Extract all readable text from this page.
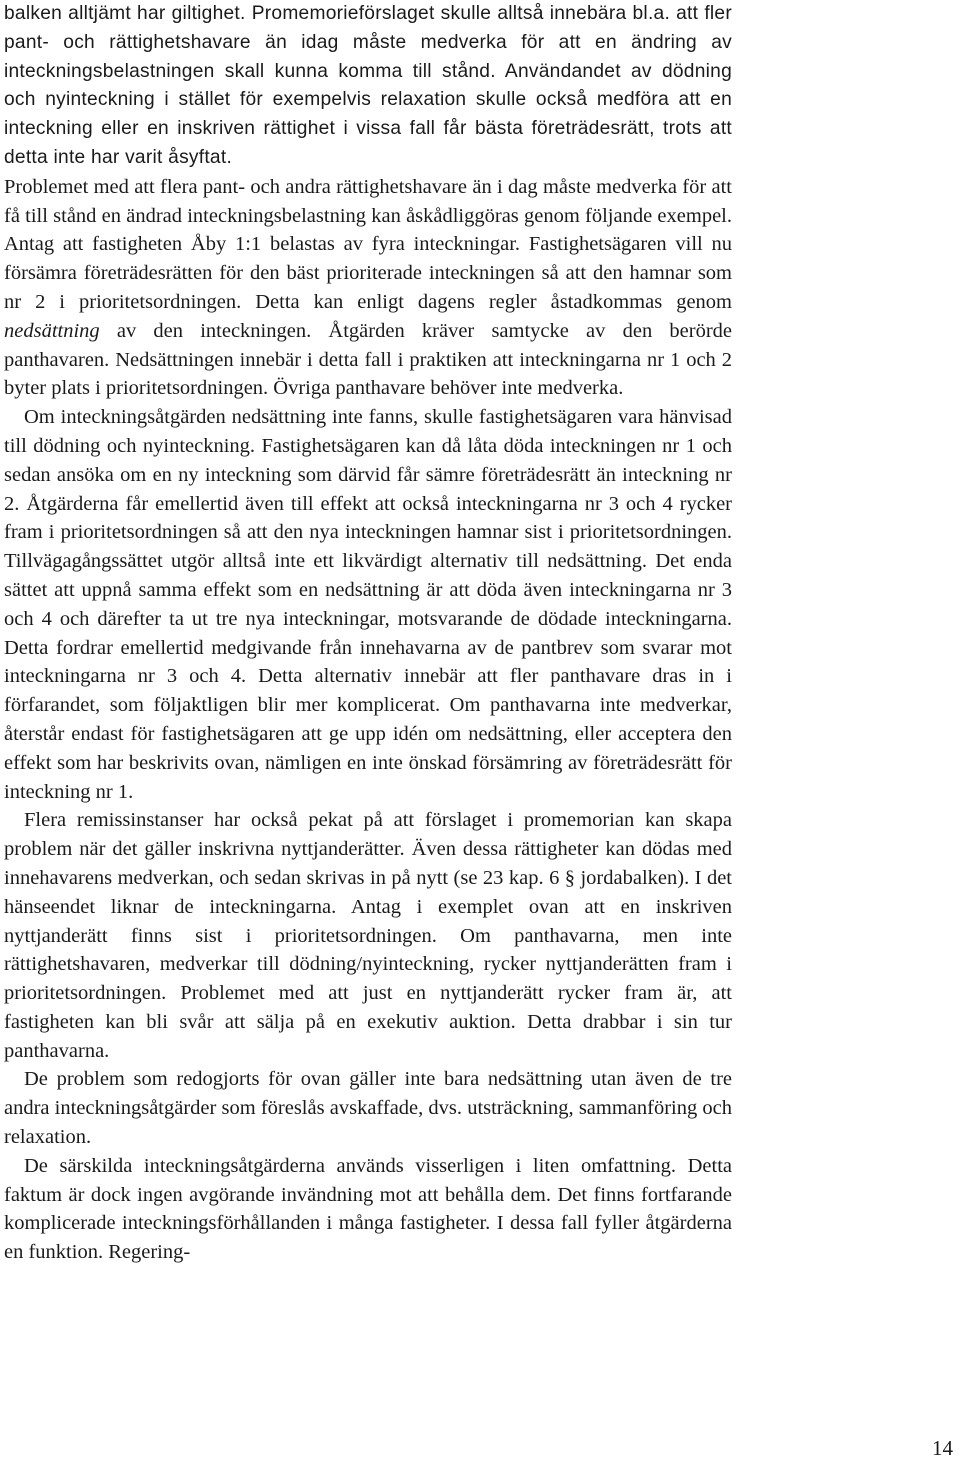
balken alltjämt har giltighet. Promemorieförslaget skulle alltså innebära bl.a. att fler pant- och rättighetshavare än idag måste medverka för att en ändring av inteckningsbelastningen skall kunna komma till stånd. Användandet av dödning och nyinteckning i stället för exempelvis relaxation skulle också medföra att en inteckning eller en inskriven rättighet i vissa fall får bästa företrädesrätt, trots att detta inte har varit åsyftat.

Problemet med att flera pant- och andra rättighetshavare än i dag måste medverka för att få till stånd en ändrad inteckningsbelastning kan åskådliggöras genom följande exempel. Antag att fastigheten Åby 1:1 belastas av fyra inteckningar. Fastighetsägaren vill nu försämra företrädesrätten för den bäst prioriterade inteckningen så att den hamnar som nr 2 i prioritetsordningen. Detta kan enligt dagens regler åstadkommas genom nedsättning av den inteckningen. Åtgärden kräver samtycke av den berörde panthavaren. Nedsättningen innebär i detta fall i praktiken att inteckningarna nr 1 och 2 byter plats i prioritetsordningen. Övriga panthavare behöver inte medverka.

Om inteckningsåtgärden nedsättning inte fanns, skulle fastighetsägaren vara hänvisad till dödning och nyinteckning. Fastighetsägaren kan då låta döda inteckningen nr 1 och sedan ansöka om en ny inteckning som därvid får sämre företrädesrätt än inteckning nr 2. Åtgärderna får emellertid även till effekt att också inteckningarna nr 3 och 4 rycker fram i prioritetsordningen så att den nya inteckningen hamnar sist i prioritetsordningen. Tillvägagångssättet utgör alltså inte ett likvärdigt alternativ till nedsättning. Det enda sättet att uppnå samma effekt som en nedsättning är att döda även inteckningarna nr 3 och 4 och därefter ta ut tre nya inteckningar, motsvarande de dödade inteckningarna. Detta fordrar emellertid medgivande från innehavarna av de pantbrev som svarar mot inteckningarna nr 3 och 4. Detta alternativ innebär att fler panthavare dras in i förfarandet, som följaktligen blir mer komplicerat. Om panthavarna inte medverkar, återstår endast för fastighetsägaren att ge upp idén om nedsättning, eller acceptera den effekt som har beskrivits ovan, nämligen en inte önskad försämring av företrädesrätt för inteckning nr 1.

Flera remissinstanser har också pekat på att förslaget i promemorian kan skapa problem när det gäller inskrivna nyttjanderätter. Även dessa rättigheter kan dödas med innehavarens medverkan, och sedan skrivas in på nytt (se 23 kap. 6 § jordabalken). I det hänseendet liknar de inteckningarna. Antag i exemplet ovan att en inskriven nyttjanderätt finns sist i prioritetsordningen. Om panthavarna, men inte rättighetshavaren, medverkar till dödning/nyinteckning, rycker nyttjanderätten fram i prioritetsordningen. Problemet med att just en nyttjanderätt rycker fram är, att fastigheten kan bli svår att sälja på en exekutiv auktion. Detta drabbar i sin tur panthavarna.

De problem som redogjorts för ovan gäller inte bara nedsättning utan även de tre andra inteckningsåtgärder som föreslås avskaffade, dvs. utsträckning, sammanföring och relaxation.

De särskilda inteckningsåtgärderna används visserligen i liten omfattning. Detta faktum är dock ingen avgörande invändning mot att behålla dem. Det finns fortfarande komplicerade inteckningsförhållanden i många fastigheter. I dessa fall fyller åtgärderna en funktion. Regering-

14
